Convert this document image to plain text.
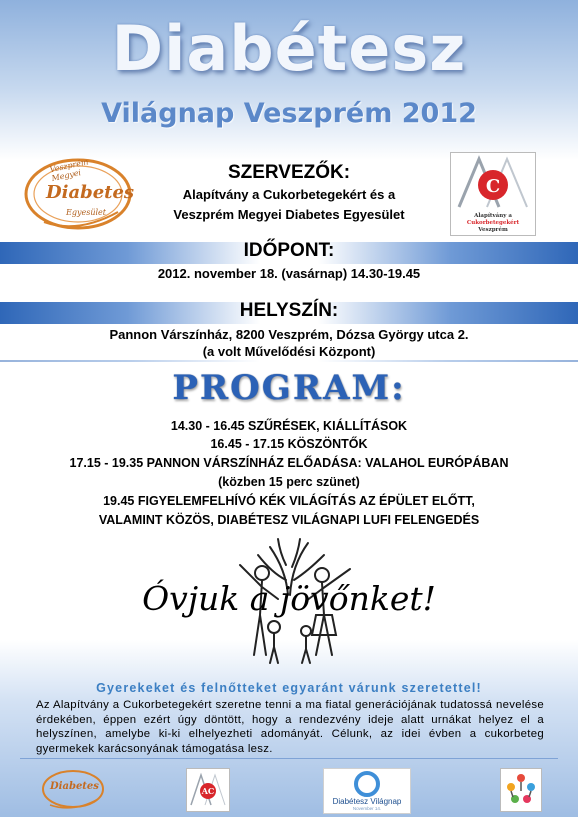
Diabétesz
Világnap Veszprém 2012
Veszprém Megyei
Diabetes
Egyesület
SZERVEZŐK:
Alapítvány a Cukorbetegekért és a
Veszprém Megyei Diabetes Egyesület
C
Alapítvány a Cukorbetegekért
Veszprém
IDŐPONT:
2012. november 18. (vasárnap) 14.30-19.45
HELYSZÍN:
Pannon Várszínház, 8200 Veszprém, Dózsa György utca 2.
(a volt Művelődési Központ)
PROGRAM:
14.30 - 16.45 SZŰRÉSEK, KIÁLLÍTÁSOK
16.45 - 17.15 KÖSZÖNTŐK
17.15 - 19.35 PANNON VÁRSZÍNHÁZ ELŐADÁSA: VALAHOL EURÓPÁBAN
(közben 15 perc szünet)
19.45 FIGYELEMFELHÍVÓ KÉK VILÁGÍTÁS AZ ÉPÜLET ELŐTT,
VALAMINT KÖZÖS, DIABÉTESZ VILÁGNAPI LUFI FELENGEDÉS
Óvjuk a jövőnket!
Gyerekeket és felnőtteket egyaránt várunk szeretettel!
Az Alapítvány a Cukorbetegekért szeretne tenni a ma fiatal generációjának tudatossá nevelése érdekében, éppen ezért úgy döntött, hogy a rendezvény ideje alatt urnákat helyez el a helyszínen, amelybe ki-ki elhelyezheti adományát. Célunk, az idei évben a cukorbeteg gyermekek karácsonyának támogatása lesz.
Diabetes	AC
Diabétesz Világnap
November 14.
